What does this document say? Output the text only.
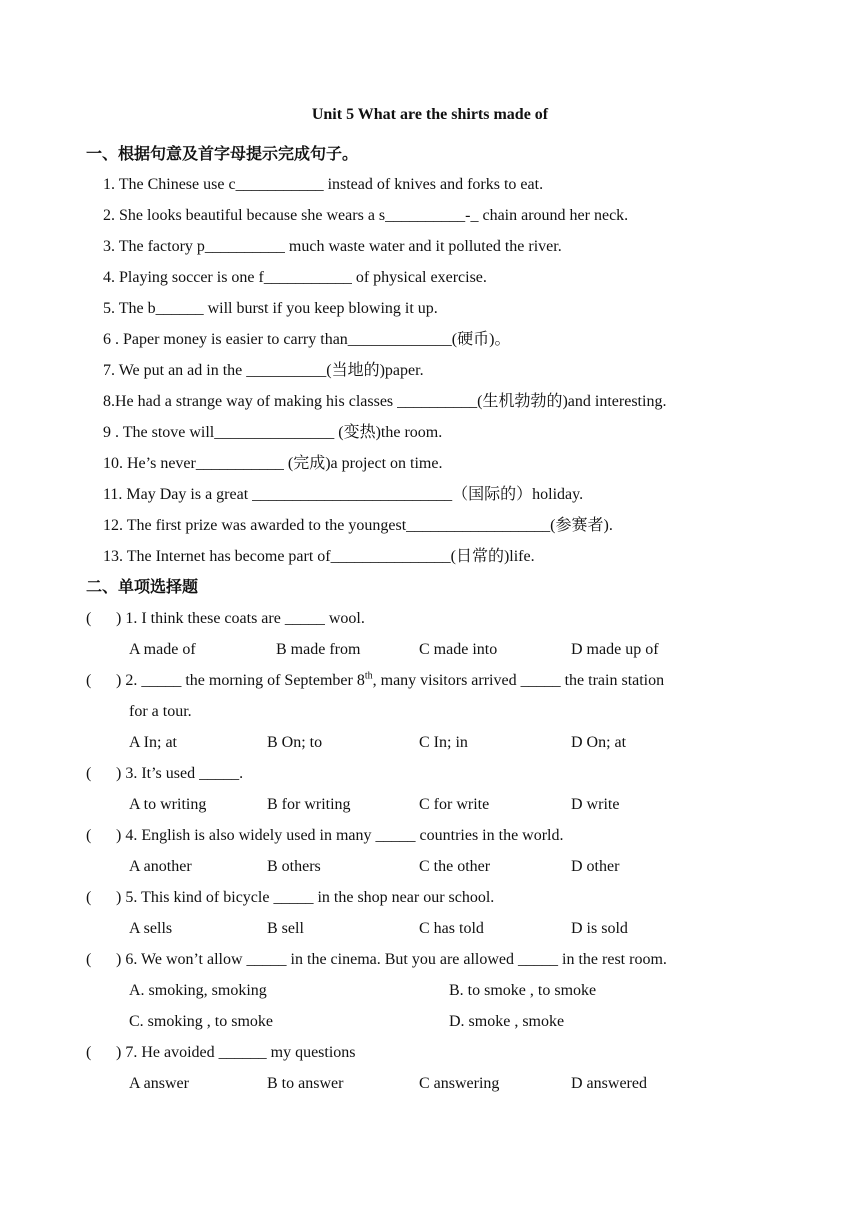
Unit 5 What are the shirts made of
一、根据句意及首字母提示完成句子。
1. The Chinese use c___________ instead of knives and forks to eat.
2. She looks beautiful because she wears a s__________-_ chain around her neck.
3. The factory p__________ much waste water and it polluted the river.
4. Playing soccer is one f___________ of physical exercise.
5. The b______ will burst if you keep blowing it up.
6 . Paper money is easier to carry than_____________(硬币)。
7. We put an ad in the __________(当地的)paper.
8.He had a strange way of making his classes __________(生机勃勃的)and interesting.
9 . The stove will_______________ (变热)the room.
10. He’s never___________ (完成)a project on time.
11. May Day is a great _________________________（国际的）holiday.
12. The first prize was awarded to the youngest__________________(参赛者).
13. The Internet has become part of_______________(日常的)life.
二、单项选择题
( ) 1. I think these coats are _____ wool.
A made of	B made from	C made into	D made up of
( ) 2. _____ the morning of September 8th, many visitors arrived _____ the train station
for a tour.
A In; at	B On; to	C In; in	D On; at
( ) 3. It’s used _____.
A to writing	B for writing	C for write	D write
( ) 4. English is also widely used in many _____ countries in the world.
A another	B others	C the other	D other
( ) 5. This kind of bicycle _____ in the shop near our school.
A sells	B sell	C has told	D is sold
( ) 6. We won’t allow _____ in the cinema. But you are allowed _____ in the rest room.
A. smoking, smoking	B. to smoke , to smoke
C. smoking , to smoke	D. smoke , smoke
( ) 7. He avoided ______ my questions
A answer	B to answer	C answering	D answered
